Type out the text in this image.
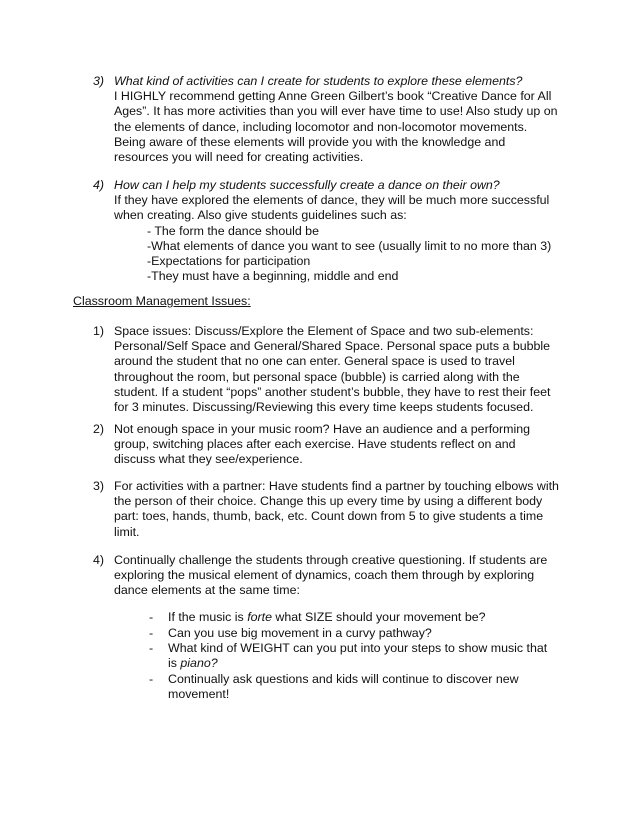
3) What kind of activities can I create for students to explore these elements?
I HIGHLY recommend getting Anne Green Gilbert’s book “Creative Dance for All
Ages”. It has more activities than you will ever have time to use! Also study up on
the elements of dance, including locomotor and non-locomotor movements.
Being aware of these elements will provide you with the knowledge and
resources you will need for creating activities.
4) How can I help my students successfully create a dance on their own?
If they have explored the elements of dance, they will be much more successful
when creating. Also give students guidelines such as:
- The form the dance should be
-What elements of dance you want to see (usually limit to no more than 3)
-Expectations for participation
-They must have a beginning, middle and end
Classroom Management Issues:
1) Space issues: Discuss/Explore the Element of Space and two sub-elements:
Personal/Self Space and General/Shared Space. Personal space puts a bubble
around the student that no one can enter. General space is used to travel
throughout the room, but personal space (bubble) is carried along with the
student. If a student “pops” another student’s bubble, they have to rest their feet
for 3 minutes. Discussing/Reviewing this every time keeps students focused.
2) Not enough space in your music room? Have an audience and a performing
group, switching places after each exercise. Have students reflect on and
discuss what they see/experience.
3) For activities with a partner: Have students find a partner by touching elbows with
the person of their choice. Change this up every time by using a different body
part: toes, hands, thumb, back, etc. Count down from 5 to give students a time
limit.
4) Continually challenge the students through creative questioning. If students are
exploring the musical element of dynamics, coach them through by exploring
dance elements at the same time:
- If the music is forte what SIZE should your movement be?
- Can you use big movement in a curvy pathway?
- What kind of WEIGHT can you put into your steps to show music that
is piano?
- Continually ask questions and kids will continue to discover new
movement!
